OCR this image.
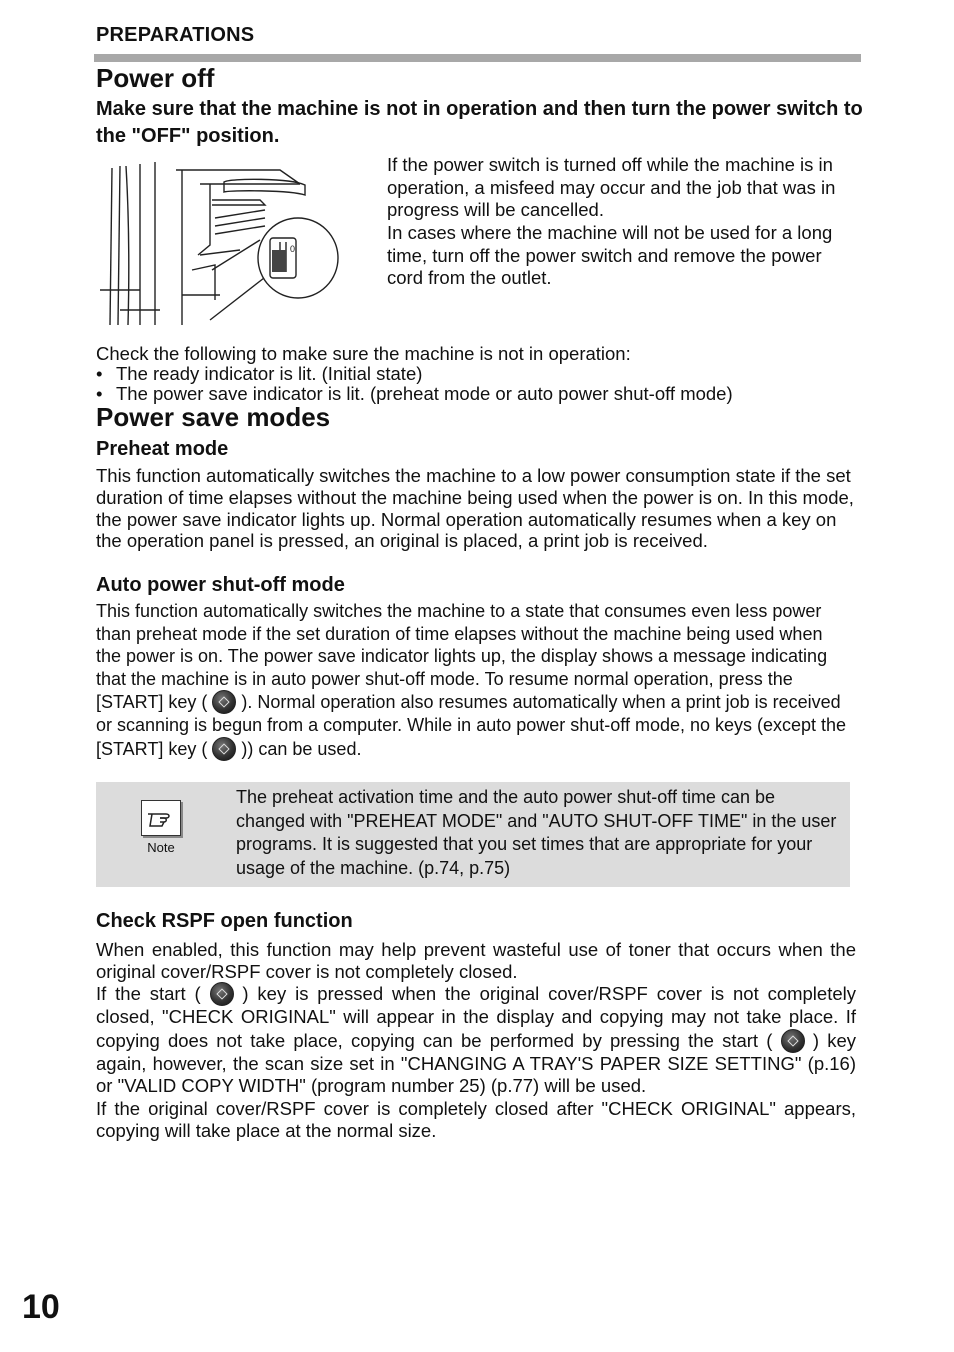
PREPARATIONS
Power off

Make sure that the machine is not in operation and then turn the power switch to the "OFF" position.

0
If the power switch is turned off while the machine is in operation, a misfeed may occur and the job that was in progress will be cancelled.
In cases where the machine will not be used for a long time, turn off the power switch and remove the power cord from the outlet.
Check the following to make sure the machine is not in operation:
• The ready indicator is lit. (Initial state)
• The power save indicator is lit. (preheat mode or auto power shut-off mode)
Power save modes
Preheat mode

This function automatically switches the machine to a low power consumption state if the set duration of time elapses without the machine being used when the power is on. In this mode, the power save indicator lights up. Normal operation automatically resumes when a key on the operation panel is pressed, an original is placed, a print job is received.

Auto power shut-off mode

This function automatically switches the machine to a state that consumes even less power than preheat mode if the set duration of time elapses without the machine being used when the power is on. The power save indicator lights up, the display shows a message indicating that the machine is in auto power shut-off mode. To resume normal operation, press the [START] key ( ). Normal operation also resumes automatically when a print job is received or scanning is begun from a computer. While in auto power shut-off mode, no keys (except the [START] key ( )) can be used.

Note
The preheat activation time and the auto power shut-off time can be changed with "PREHEAT MODE" and "AUTO SHUT-OFF TIME" in the user programs. It is suggested that you set times that are appropriate for your usage of the machine. (p.74, p.75)
Check RSPF open function

When enabled, this function may help prevent wasteful use of toner that occurs when the original cover/RSPF cover is not completely closed.

If the start ( ) key is pressed when the original cover/RSPF cover is not completely closed, "CHECK ORIGINAL" will appear in the display and copying may not take place. If copying does not take place, copying can be performed by pressing the start ( ) key again, however, the scan size set in "CHANGING A TRAY'S PAPER SIZE SETTING" (p.16) or "VALID COPY WIDTH" (program number 25) (p.77) will be used.

If the original cover/RSPF cover is completely closed after "CHECK ORIGINAL" appears, copying will take place at the normal size.

10
